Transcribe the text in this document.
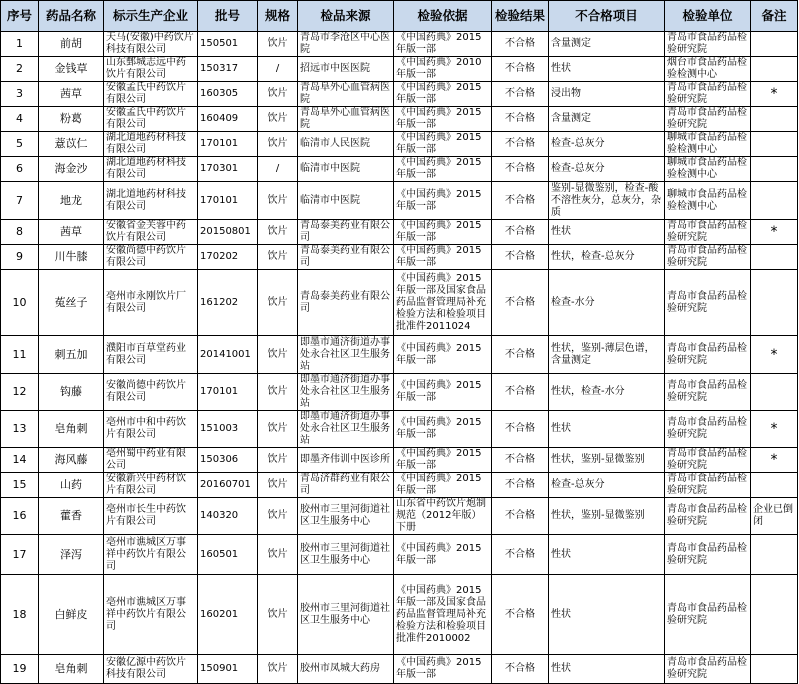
序号	药品名称	标示生产企业	批号	规格	检品来源	检验依据	检验结果	不合格项目	检验单位	备注
1	前胡	天马(安徽)中药饮片科技有限公司	150501	饮片	青岛市李沧区中心医院	《中国药典》2015年版一部	不合格	含量测定	青岛市食品药品检验研究院	
2	金钱草	山东鄄城志远中药饮片有限公司	150317	/	招远市中医医院	《中国药典》2010年版一部	不合格	性状	烟台市食品药品检验检测中心	
3	茜草	安徽孟氏中药饮片有限公司	160305	饮片	青岛阜外心血管病医院	《中国药典》2015年版一部	不合格	浸出物	青岛市食品药品检验研究院	*
4	粉葛	安徽孟氏中药饮片有限公司	160409	饮片	青岛阜外心血管病医院	《中国药典》2015年版一部	不合格	含量测定	青岛市食品药品检验研究院	
5	薏苡仁	湖北道地药材科技有限公司	170101	饮片	临清市人民医院	《中国药典》2015年版一部	不合格	检查-总灰分	聊城市食品药品检验检测中心	
6	海金沙	湖北道地药材科技有限公司	170301	/	临清市中医院	《中国药典》2015年版一部	不合格	检查-总灰分	聊城市食品药品检验检测中心	
7	地龙	湖北道地药材科技有限公司	170101	饮片	临清市中医院	《中国药典》2015年版一部	不合格	鉴别-显微鉴别，检查-酸不溶性灰分，总灰分，杂质	聊城市食品药品检验检测中心	
8	茜草	安徽省金芙蓉中药饮片有限公司	20150801	饮片	青岛泰美药业有限公司	《中国药典》2015年版一部	不合格	性状	青岛市食品药品检验研究院	*
9	川牛膝	安徽尚德中药饮片有限公司	170202	饮片	青岛泰美药业有限公司	《中国药典》2015年版一部	不合格	性状，检查-总灰分	青岛市食品药品检验研究院	
10	菟丝子	亳州市永刚饮片厂有限公司	161202	饮片	青岛泰美药业有限公司	《中国药典》2015年版一部及国家食品药品监督管理局补充检验方法和检验项目批准件2011024	不合格	检查-水分	青岛市食品药品检验研究院	
11	刺五加	濮阳市百草堂药业有限公司	20141001	饮片	即墨市通济街道办事处永合社区卫生服务站	《中国药典》2015年版一部	不合格	性状，鉴别-薄层色谱，含量测定	青岛市食品药品检验研究院	*
12	钩藤	安徽尚德中药饮片有限公司	170101	饮片	即墨市通济街道办事处永合社区卫生服务站	《中国药典》2015年版一部	不合格	性状，检查-水分	青岛市食品药品检验研究院	
13	皂角刺	亳州市中和中药饮片有限公司	151003	饮片	即墨市通济街道办事处永合社区卫生服务站	《中国药典》2015年版一部	不合格	性状	青岛市食品药品检验研究院	*
14	海风藤	亳州蜀中药业有限公司	150306	饮片	即墨齐伟训中医诊所	《中国药典》2015年版一部	不合格	性状，鉴别-显微鉴别	青岛市食品药品检验研究院	*
15	山药	安徽新兴中药材饮片有限公司	20160701	饮片	青岛济群药业有限公司	《中国药典》2015年版一部	不合格	检查-总灰分	青岛市食品药品检验研究院	
16	藿香	亳州市长生中药饮片有限公司	140320	饮片	胶州市三里河街道社区卫生服务中心	山东省中药饮片炮制规范（2012年版）下册	不合格	性状，鉴别-显微鉴别	青岛市食品药品检验研究院	企业已倒闭
17	泽泻	亳州市谯城区万事祥中药饮片有限公司	160501	饮片	胶州市三里河街道社区卫生服务中心	《中国药典》2015年版一部	不合格	性状	青岛市食品药品检验研究院	
18	白鲜皮	亳州市谯城区万事祥中药饮片有限公司	160201	饮片	胶州市三里河街道社区卫生服务中心	《中国药典》2015年版一部及国家食品药品监督管理局补充检验方法和检验项目批准件2010002	不合格	性状	青岛市食品药品检验研究院	
19	皂角刺	安徽亿源中药饮片科技有限公司	150901	饮片	胶州市凤城大药房	《中国药典》2015年版一部	不合格	性状	青岛市食品药品检验研究院	
